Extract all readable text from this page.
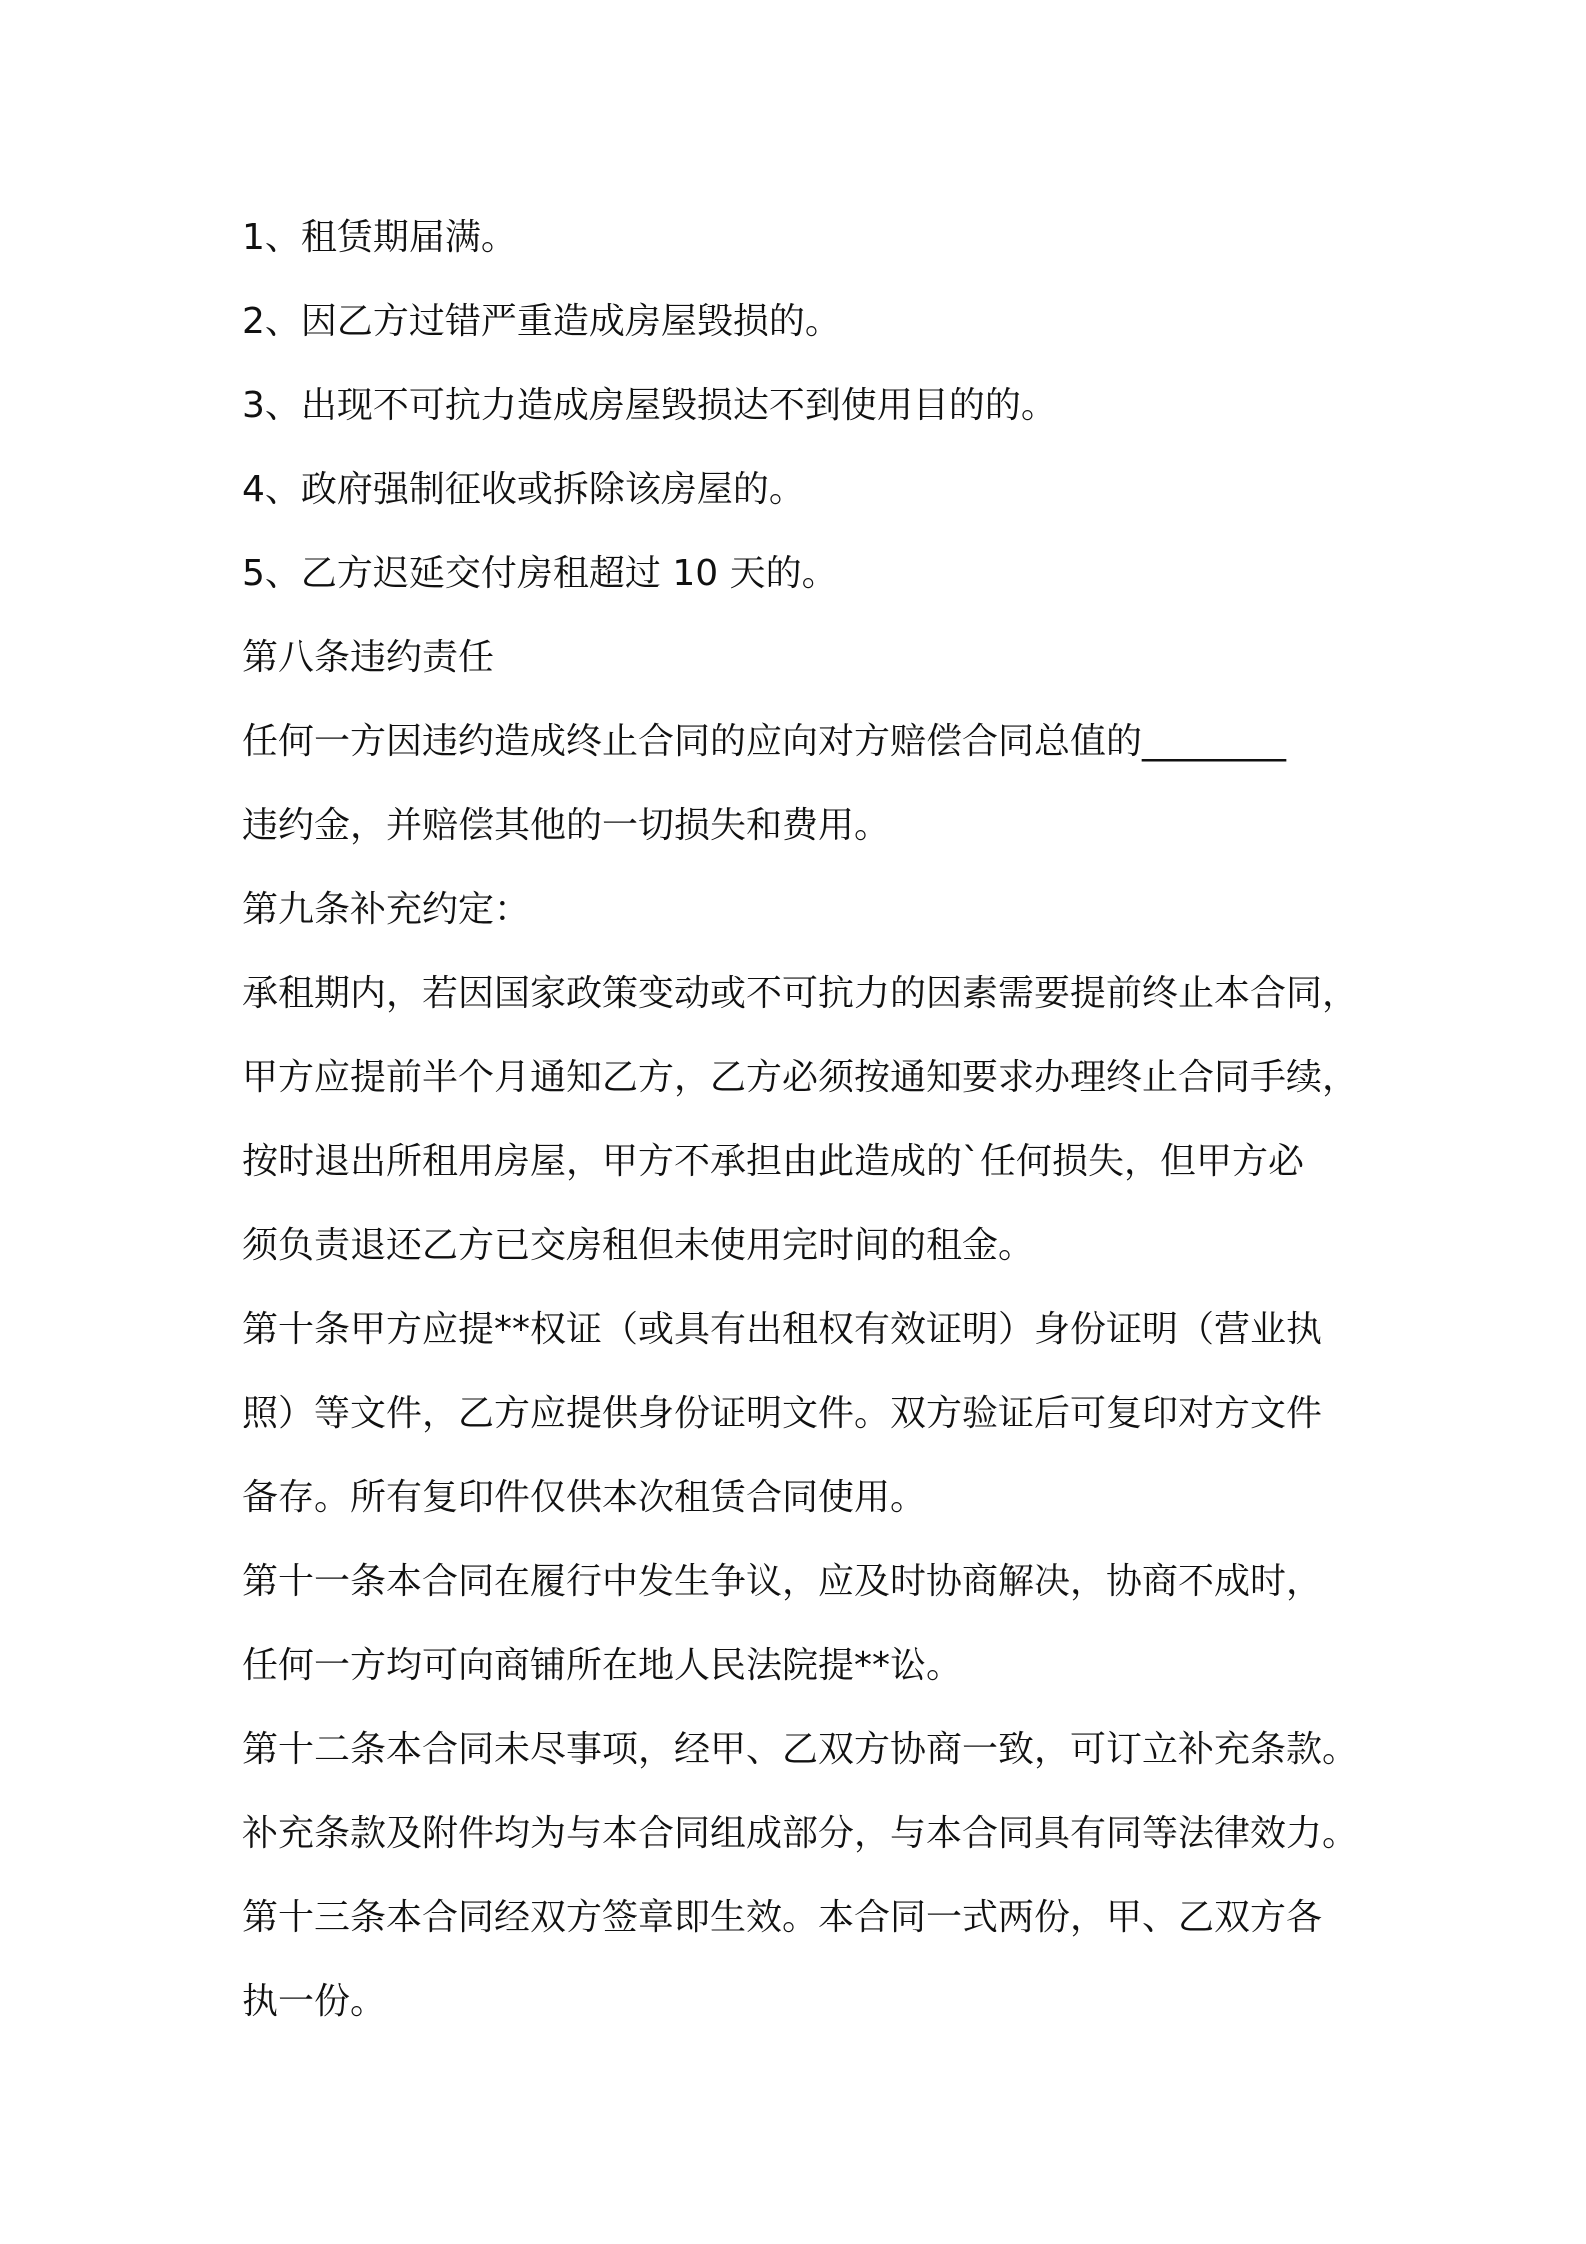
1、租赁期届满。
2、因乙方过错严重造成房屋毁损的。
3、出现不可抗力造成房屋毁损达不到使用目的的。
4、政府强制征收或拆除该房屋的。
5、乙方迟延交付房租超过 10 天的。
第八条违约责任
任何一方因违约造成终止合同的应向对方赔偿合同总值的________
违约金，并赔偿其他的一切损失和费用。
第九条补充约定：
承租期内，若因国家政策变动或不可抗力的因素需要提前终止本合同，
甲方应提前半个月通知乙方，乙方必须按通知要求办理终止合同手续，
按时退出所租用房屋，甲方不承担由此造成的`任何损失，但甲方必
须负责退还乙方已交房租但未使用完时间的租金。
第十条甲方应提**权证（或具有出租权有效证明）身份证明（营业执
照）等文件，乙方应提供身份证明文件。双方验证后可复印对方文件
备存。所有复印件仅供本次租赁合同使用。
第十一条本合同在履行中发生争议，应及时协商解决，协商不成时，
任何一方均可向商铺所在地人民法院提**讼。
第十二条本合同未尽事项，经甲、乙双方协商一致，可订立补充条款。
补充条款及附件均为与本合同组成部分，与本合同具有同等法律效力。
第十三条本合同经双方签章即生效。本合同一式两份，甲、乙双方各
执一份。
